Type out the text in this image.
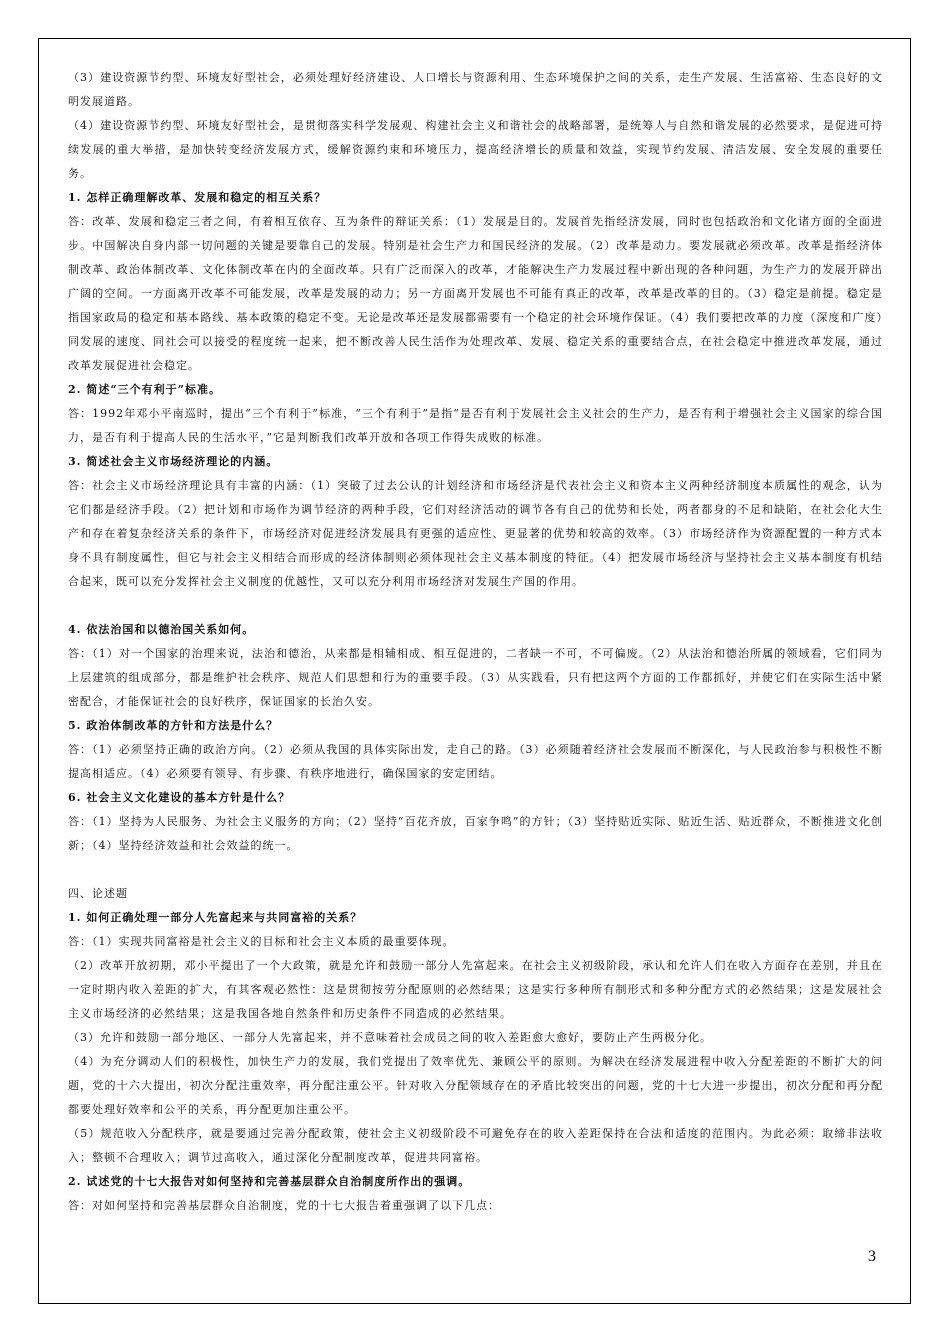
（3）建设资源节约型、环境友好型社会，必须处理好经济建设、人口增长与资源利用、生态环境保护之间的关系，走生产发展、生活富裕、生态良好的文明发展道路。

（4）建设资源节约型、环境友好型社会，是贯彻落实科学发展观、构建社会主义和谐社会的战略部署，是统筹人与自然和谐发展的必然要求，是促进可持续发展的重大举措，是加快转变经济发展方式，缓解资源约束和环境压力，提高经济增长的质量和效益，实现节约发展、清洁发展、安全发展的重要任务。

1. 怎样正确理解改革、发展和稳定的相互关系？

答：改革、发展和稳定三者之间，有着相互依存、互为条件的辩证关系：（1）发展是目的。发展首先指经济发展，同时也包括政治和文化诸方面的全面进步。中国解决自身内部一切问题的关键是要靠自己的发展。特别是社会生产力和国民经济的发展。（2）改革是动力。要发展就必须改革。改革是指经济体制改革、政治体制改革、文化体制改革在内的全面改革。只有广泛而深入的改革，才能解决生产力发展过程中新出现的各种问题，为生产力的发展开辟出广阔的空间。一方面离开改革不可能发展，改革是发展的动力；另一方面离开发展也不可能有真正的改革，改革是改革的目的。（3）稳定是前提。稳定是指国家政局的稳定和基本路线、基本政策的稳定不变。无论是改革还是发展都需要有一个稳定的社会环境作保证。（4）我们要把改革的力度（深度和广度）同发展的速度、同社会可以接受的程度统一起来，把不断改善人民生活作为处理改革、发展、稳定关系的重要结合点，在社会稳定中推进改革发展，通过改革发展促进社会稳定。

2. 简述“三个有利于”标准。

答：1992年邓小平南巡时，提出“三个有利于”标准，“三个有利于”是指“是否有利于发展社会主义社会的生产力，是否有利于增强社会主义国家的综合国力，是否有利于提高人民的生活水平，”它是判断我们改革开放和各项工作得失成败的标准。

3. 简述社会主义市场经济理论的内涵。

答：社会主义市场经济理论具有丰富的内涵：（1）突破了过去公认的计划经济和市场经济是代表社会主义和资本主义两种经济制度本质属性的观念，认为它们都是经济手段。（2）把计划和市场作为调节经济的两种手段，它们对经济活动的调节各有自己的优势和长处，两者都身的不足和缺陷，在社会化大生产和存在着复杂经济关系的条件下，市场经济对促进经济发展具有更强的适应性、更显著的优势和较高的效率。（3）市场经济作为资源配置的一种方式本身不具有制度属性，但它与社会主义相结合而形成的经济体制则必须体现社会主义基本制度的特征。（4）把发展市场经济与坚持社会主义基本制度有机结合起来，既可以充分发挥社会主义制度的优越性，又可以充分利用市场经济对发展生产国的作用。

4. 依法治国和以德治国关系如何。

答：（1）对一个国家的治理来说，法治和德治，从来都是相辅相成、相互促进的，二者缺一不可，不可偏废。（2）从法治和德治所属的领域看，它们同为上层建筑的组成部分，都是维护社会秩序、规范人们思想和行为的重要手段。（3）从实践看，只有把这两个方面的工作都抓好，并使它们在实际生活中紧密配合，才能保证社会的良好秩序，保证国家的长治久安。

5. 政治体制改革的方针和方法是什么？

答：（1）必须坚持正确的政治方向。（2）必须从我国的具体实际出发，走自己的路。（3）必须随着经济社会发展而不断深化，与人民政治参与积极性不断提高相适应。（4）必须要有领导、有步骤、有秩序地进行，确保国家的安定团结。

6. 社会主义文化建设的基本方针是什么？

答：（1）坚持为人民服务、为社会主义服务的方向；（2）坚持“百花齐放，百家争鸣”的方针；（3）坚持贴近实际、贴近生活、贴近群众，不断推进文化创新；（4）坚持经济效益和社会效益的统一。

四、论述题

1. 如何正确处理一部分人先富起来与共同富裕的关系？

答：（1）实现共同富裕是社会主义的目标和社会主义本质的最重要体现。

（2）改革开放初期，邓小平提出了一个大政策，就是允许和鼓励一部分人先富起来。在社会主义初级阶段，承认和允许人们在收入方面存在差别，并且在一定时期内收入差距的扩大，有其客观必然性：这是贯彻按劳分配原则的必然结果；这是实行多种所有制形式和多种分配方式的必然结果；这是发展社会主义市场经济的必然结果；这是我国各地自然条件和历史条件不同造成的必然结果。

（3）允许和鼓励一部分地区、一部分人先富起来，并不意味着社会成员之间的收入差距愈大愈好，要防止产生两极分化。

（4）为充分调动人们的积极性，加快生产力的发展，我们党提出了效率优先、兼顾公平的原则。为解决在经济发展进程中收入分配差距的不断扩大的问题，党的十六大提出，初次分配注重效率，再分配注重公平。针对收入分配领域存在的矛盾比较突出的问题，党的十七大进一步提出，初次分配和再分配都要处理好效率和公平的关系，再分配更加注重公平。

（5）规范收入分配秩序，就是要通过完善分配政策，使社会主义初级阶段不可避免存在的收入差距保持在合法和适度的范围内。为此必须：取缔非法收入；整顿不合理收入；调节过高收入，通过深化分配制度改革，促进共同富裕。

2. 试述党的十七大报告对如何坚持和完善基层群众自治制度所作出的强调。

答：对如何坚持和完善基层群众自治制度，党的十七大报告着重强调了以下几点：

3
